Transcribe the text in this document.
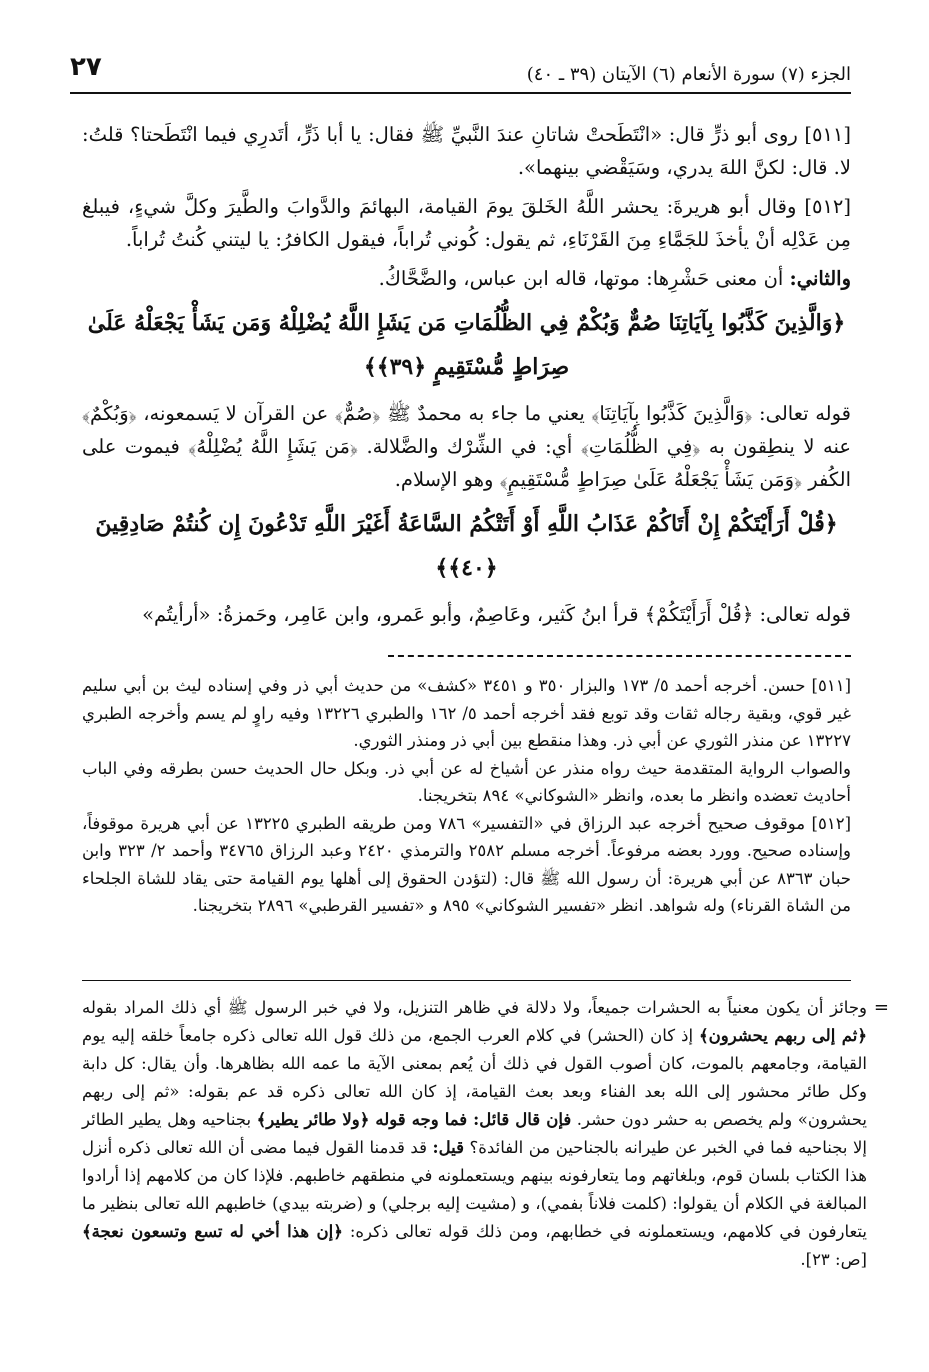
٢٧	الجزء (٧) سورة الأنعام (٦) الآيتان (٣٩ ـ ٤٠)

[٥١١] روى أبو ذرٍّ قال: «انْتَطَحتْ شاتانِ عندَ النَّبيِّ ﷺ فقال: يا أبا ذَرٍّ، أتَدرِي فيما انْتَطَحتا؟ قلتُ: لا. قال: لكنَّ اللهَ يدري، وسَيَقْضي بينهما».

[٥١٢] وقال أبو هريرةَ: يحشر اللَّهُ الخَلقَ يومَ القيامة، البهائمَ والدَّوابَ والطَّيرَ وكلَّ شيءٍ، فيبلغ مِن عَدْلِه أنْ يأخذَ للجَمَّاءِ مِنَ القَرْنَاءِ، ثم يقول: كُوني تُراباً، فيقول الكافرُ: يا ليتني كُنتُ تُراباً.

والثاني: أن معنى حَشْرِها: موتها، قاله ابن عباس، والضَّحَّاكُ.

﴿وَالَّذِينَ كَذَّبُوا بِآيَاتِنَا صُمٌّ وَبُكْمٌ فِي الظُّلُمَاتِ مَن يَشَإِ اللَّهُ يُضْلِلْهُ وَمَن يَشَأْ يَجْعَلْهُ عَلَىٰ صِرَاطٍ مُّسْتَقِيمٍ ﴿٣٩﴾﴾

قوله تعالى: ﴿وَالَّذِينَ كَذَّبُوا بِآيَاتِنَا﴾ يعني ما جاء به محمدٌ ﷺ ﴿صُمٌّ﴾ عن القرآن لا يَسمعونه، ﴿وَبُكْمٌ﴾ عنه لا ينطِقون به ﴿فِي الظُّلُمَاتِ﴾ أي: في الشِّرْك والضَّلالة. ﴿مَن يَشَإِ اللَّهُ يُضْلِلْهُ﴾ فيموت على الكُفر ﴿وَمَن يَشَأْ يَجْعَلْهُ عَلَىٰ صِرَاطٍ مُّسْتَقِيمٍ﴾ وهو الإسلام.

﴿قُلْ أَرَأَيْتَكُمْ إِنْ أَتَاكُمْ عَذَابُ اللَّهِ أَوْ أَتَتْكُمُ السَّاعَةُ أَغَيْرَ اللَّهِ تَدْعُونَ إِن كُنتُمْ صَادِقِينَ ﴿٤٠﴾﴾

قوله تعالى: ﴿قُلْ أَرَأَيْتَكُمْ﴾ قرأ ابنُ كَثير، وعَاصِمٌ، وأبو عَمرو، وابن عَامِر، وحَمزةُ: «أرأيتُم»

[٥١١] حسن. أخرجه أحمد ٥/ ١٧٣ والبزار ٣٥٠ و ٣٤٥١ «كشف» من حديث أبي ذر وفي إسناده ليث بن أبي سليم غير قوي، وبقية رجاله ثقات وقد توبع فقد أخرجه أحمد ٥/ ١٦٢ والطبري ١٣٢٢٦ وفيه راوٍ لم يسم وأخرجه الطبري ١٣٢٢٧ عن منذر الثوري عن أبي ذر. وهذا منقطع بين أبي ذر ومنذر الثوري.

والصواب الرواية المتقدمة حيث رواه منذر عن أشياخ له عن أبي ذر. وبكل حال الحديث حسن بطرقه وفي الباب أحاديث تعضده وانظر ما بعده، وانظر «الشوكاني» ٨٩٤ بتخريجنا.

[٥١٢] موقوف صحيح أخرجه عبد الرزاق في «التفسير» ٧٨٦ ومن طريقه الطبري ١٣٢٢٥ عن أبي هريرة موقوفاً، وإسناده صحيح. وورد بعضه مرفوعاً. أخرجه مسلم ٢٥٨٢ والترمذي ٢٤٢٠ وعبد الرزاق ٣٤٧٦٥ وأحمد ٢/ ٣٢٣ وابن حبان ٨٣٦٣ عن أبي هريرة: أن رسول الله ﷺ قال: (لتؤدن الحقوق إلى أهلها يوم القيامة حتى يقاد للشاة الجلحاء من الشاة القرناء) وله شواهد. انظر «تفسير الشوكاني» ٨٩٥ و «تفسير القرطبي» ٢٨٩٦ بتخريجنا.

=

وجائز أن يكون معنياً به الحشرات جميعاً، ولا دلالة في ظاهر التنزيل، ولا في خبر الرسول ﷺ أي ذلك المراد بقوله ﴿ثم إلى ربهم يحشرون﴾ إذ كان (الحشر) في كلام العرب الجمع، من ذلك قول الله تعالى ذكره جامعاً خلقه إليه يوم القيامة، وجامعهم بالموت، كان أصوب القول في ذلك أن يُعم بمعنى الآية ما عمه الله بظاهرها. وأن يقال: كل دابة وكل طائر محشور إلى الله بعد الفناء وبعد بعث القيامة، إذ كان الله تعالى ذكره قد عم بقوله: «ثم إلى ربهم يحشرون» ولم يخصص به حشر دون حشر. فإن قال قائل: فما وجه قوله ﴿ولا طائر يطير﴾ بجناحيه وهل يطير الطائر إلا بجناحيه فما في الخبر عن طيرانه بالجناحين من الفائدة؟ قيل: قد قدمنا القول فيما مضى أن الله تعالى ذكره أنزل هذا الكتاب بلسان قوم، وبلغاتهم وما يتعارفونه بينهم ويستعملونه في منطقهم خاطبهم. فلإذا كان من كلامهم إذا أرادوا المبالغة في الكلام أن يقولوا: (كلمت فلاناً بفمي)، و (مشيت إليه برجلي) و (ضربته بيدي) خاطبهم الله تعالى بنظير ما يتعارفون في كلامهم، ويستعملونه في خطابهم، ومن ذلك قوله تعالى ذكره: ﴿إن هذا أخي له تسع وتسعون نعجة﴾ [ص: ٢٣].
